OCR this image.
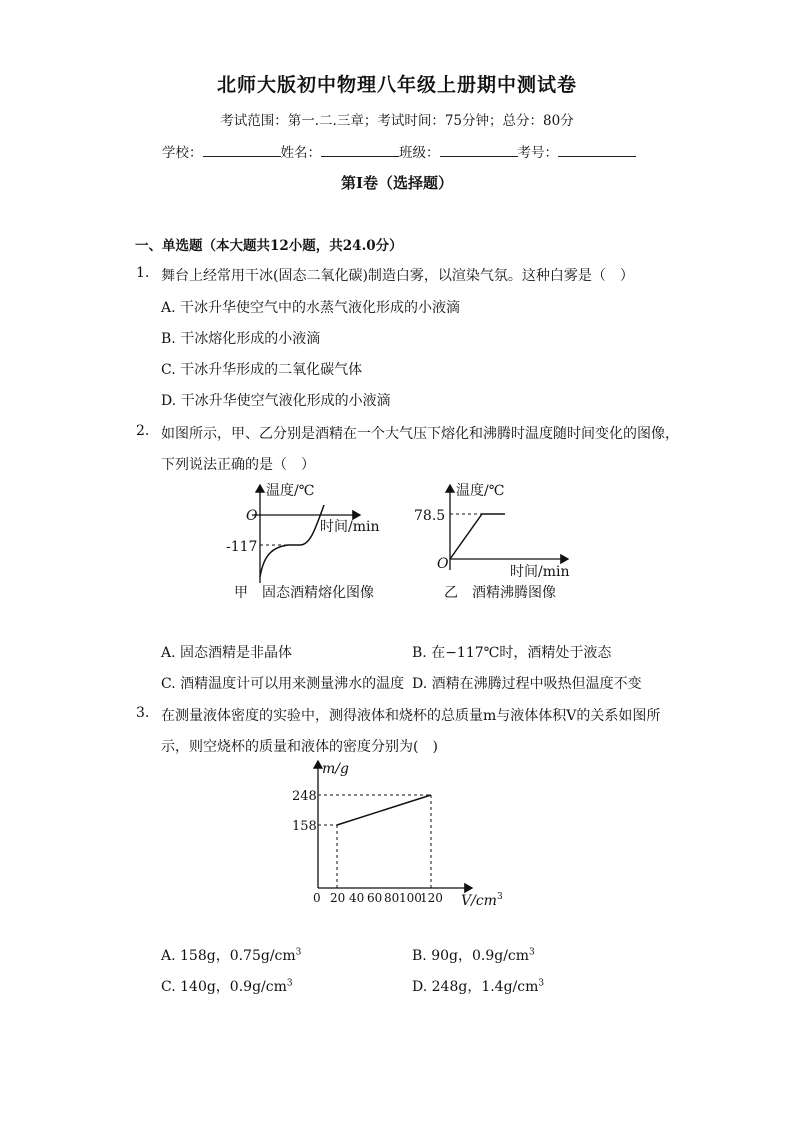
北师大版初中物理八年级上册期中测试卷
考试范围：第一.二.三章；考试时间：75分钟；总分：80分
学校：	姓名：	班级：	考号：
第I卷（选择题）
一、单选题（本大题共12小题，共24.0分）
1. 舞台上经常用干冰(固态二氧化碳)制造白雾，以渲染气氛。这种白雾是（　）
A. 干冰升华使空气中的水蒸气液化形成的小液滴
B. 干冰熔化形成的小液滴
C. 干冰升华形成的二氧化碳气体
D. 干冰升华使空气液化形成的小液滴
2. 如图所示，甲、乙分别是酒精在一个大气压下熔化和沸腾时温度随时间变化的图像，
下列说法正确的是（　）
温度/℃
O
时间/min
-117
甲　固态酒精熔化图像
温度/℃
78.5
O	时间/min
乙　酒精沸腾图像
A. 固态酒精是非晶体	B. 在−117℃时，酒精处于液态
C. 酒精温度计可以用来测量沸水的温度 D. 酒精在沸腾过程中吸热但温度不变
3. 在测量液体密度的实验中，测得液体和烧杯的总质量m与液体体积V的关系如图所
示，则空烧杯的质量和液体的密度分别为(　)
m/g
248
158
0 20 40 60 80 100
120 $V/cm^3$
A. 158g，$0.75g/cm^3$	B. 90g，$0.9g/cm^3$
C. 140g，$0.9g/cm^3$	D. 248g，$1.4g/cm^3$
